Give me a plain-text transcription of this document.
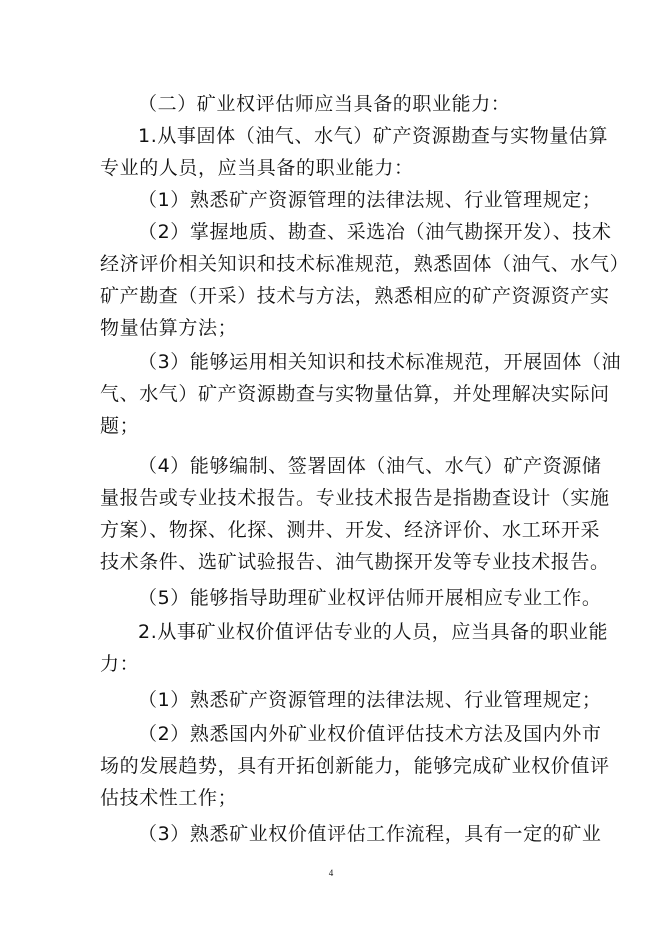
（二）矿业权评估师应当具备的职业能力：
1.从事固体（油气、水气）矿产资源勘查与实物量估算
专业的人员，应当具备的职业能力：
（1）熟悉矿产资源管理的法律法规、行业管理规定；
（2）掌握地质、勘查、采选冶（油气勘探开发）、技术
经济评价相关知识和技术标准规范，熟悉固体（油气、水气）
矿产勘查（开采）技术与方法，熟悉相应的矿产资源资产实
物量估算方法；
（3）能够运用相关知识和技术标准规范，开展固体（油
气、水气）矿产资源勘查与实物量估算，并处理解决实际问
题；
（4）能够编制、签署固体（油气、水气）矿产资源储
量报告或专业技术报告。专业技术报告是指勘查设计（实施
方案）、物探、化探、测井、开发、经济评价、水工环开采
技术条件、选矿试验报告、油气勘探开发等专业技术报告。
（5）能够指导助理矿业权评估师开展相应专业工作。
2.从事矿业权价值评估专业的人员，应当具备的职业能
力：
（1）熟悉矿产资源管理的法律法规、行业管理规定；
（2）熟悉国内外矿业权价值评估技术方法及国内外市
场的发展趋势，具有开拓创新能力，能够完成矿业权价值评
估技术性工作；
（3）熟悉矿业权价值评估工作流程，具有一定的矿业
4
